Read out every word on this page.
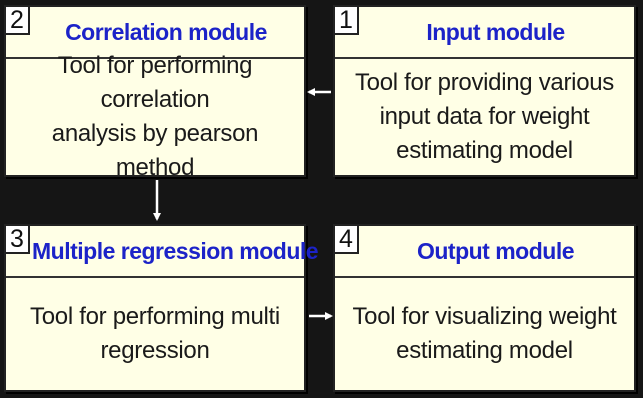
2	Correlation module
Tool for performing correlation
analysis by pearson method
1	Input module
Tool for providing various
input data for weight
estimating model
3 Multiple regression module
Tool for performing multi
regression
4	Output module
Tool for visualizing weight
estimating model
